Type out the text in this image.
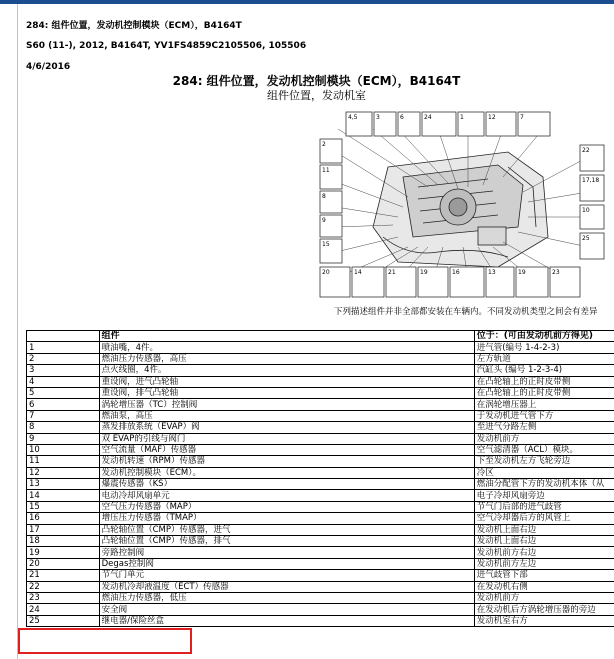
284: 组件位置，发动机控制模块（ECM），B4164T
S60 (11-), 2012, B4164T, YV1FS4859C2105506, 105506
4/6/2016
284: 组件位置，发动机控制模块（ECM），B4164T
组件位置，发动机室
4,5	3	6	24	1	12	7
2
11
8
9
15
22
17,18
10
25
20	14	21	19	16	13	19	23
下列描述组件并非全部都安装在车辆内。不同发动机类型之间会有差异
	组件	位于：(可由发动机前方得见)
1	喷油嘴，4件。	进气管(编号 1-4-2-3)
2	燃油压力传感器，高压	左方轨道
3	点火线圈，4件。	汽缸头 (编号 1-2-3-4)
4	重设阀，进气凸轮轴	在凸轮轴上的正时皮带侧
5	重设阀，排气凸轮轴	在凸轮轴上的正时皮带侧
6	涡轮增压器（TC）控制阀	在涡轮增压器上
7	燃油泵，高压	于发动机进气管下方
8	蒸发排放系统（EVAP）阀	至进气分路左侧
9	双 EVAP的引线与阀门	发动机前方
10	空气流量（MAF）传感器	空气滤清器（ACL）模块。
11	发动机转速（RPM）传感器	下至发动机左方飞轮旁边
12	发动机控制模块（ECM）。	冷区
13	爆震传感器（KS）	燃油分配管下方的发动机本体（从
14	电动冷却风扇单元	电子冷却风扇旁边
15	空气压力传感器（MAP）	节气门后部的进气歧管
16	增压压力传感器（TMAP）	空气冷却器后方的风管上
17	凸轮轴位置（CMP）传感器，进气	发动机上面右边
18	凸轮轴位置（CMP）传感器，排气	发动机上面右边
19	旁路控制阀	发动机前方右边
20	Degas控制阀	发动机前方左边
21	节气门单元	进气歧管下部
22	发动机冷却液温度（ECT）传感器	在发动机右侧
23	燃油压力传感器，低压	发动机前方
24	安全阀	在发动机后方涡轮增压器的旁边
25	继电器/保险丝盒	发动机室右方
